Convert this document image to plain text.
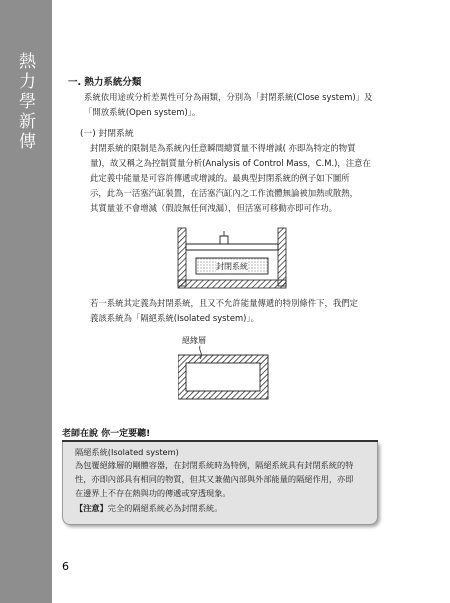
熱力學新傳	一. 熱力系統分類
系統依用途或分析差異性可分為兩類，分別為「封閉系統(Close system)」及
「開放系統(Open system)」。
(一) 封閉系統
封閉系統的限制是為系統內任意瞬間總質量不得增減( 亦即為特定的物質
量)，故又稱之為控制質量分析(Analysis of Control Mass，C.M.)，注意在
此定義中能量是可容許傳遞或增減的。最典型封閉系統的例子如下圖所
示，此為一活塞汽缸裝置，在活塞汽缸內之工作流體無論被加熱或散熱，
其質量並不會增減（假設無任何洩漏），但活塞可移動亦即可作功。
封閉系統
若一系統其定義為封閉系統，且又不允許能量傳遞的特別條件下，我們定
義該系統為「隔絕系統(Isolated system)」。
絕緣層
老師在說 你一定要聽!
隔絕系統(Isolated system)
為包覆絕緣層的剛體容器，在封閉系統時為特例，隔絕系統具有封閉系統的特
性，亦即內部具有相同的物質，但其又兼備內部與外部能量的隔絕作用，亦即
在邊界上不存在熱與功的傳遞或穿透現象。
【注意】完全的隔絕系統必為封閉系統。
6
